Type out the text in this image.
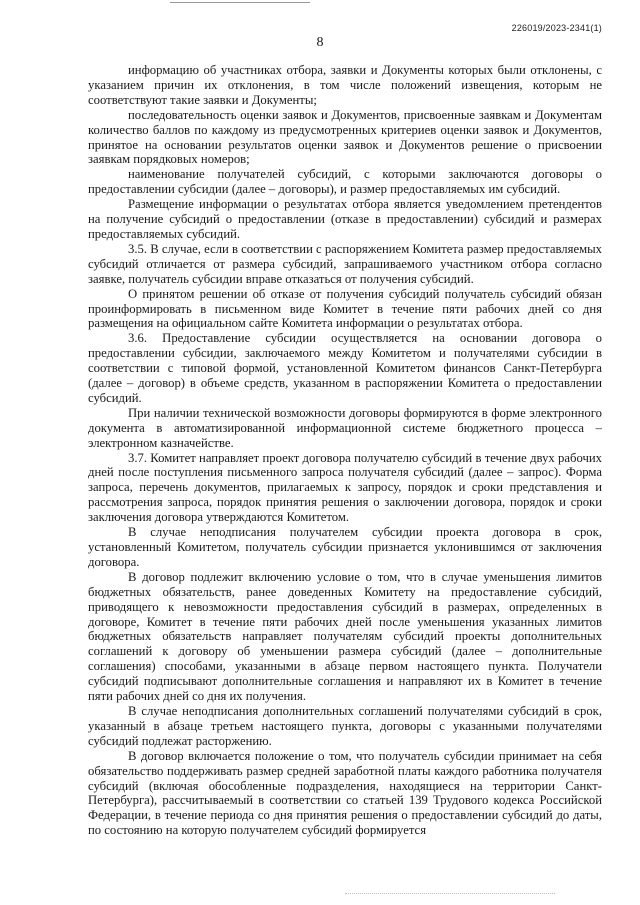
226019/2023-2341(1)
8

информацию об участниках отбора, заявки и Документы которых были отклонены, с указанием причин их отклонения, в том числе положений извещения, которым не соответствуют такие заявки и Документы;

последовательность оценки заявок и Документов, присвоенные заявкам и Документам количество баллов по каждому из предусмотренных критериев оценки заявок и Документов, принятое на основании результатов оценки заявок и Документов решение о присвоении заявкам порядковых номеров;

наименование получателей субсидий, с которыми заключаются договоры о предоставлении субсидии (далее – договоры), и размер предоставляемых им субсидий.

Размещение информации о результатах отбора является уведомлением претендентов на получение субсидий о предоставлении (отказе в предоставлении) субсидий и размерах предоставляемых субсидий.

3.5. В случае, если в соответствии с распоряжением Комитета размер предоставляемых субсидий отличается от размера субсидий, запрашиваемого участником отбора согласно заявке, получатель субсидии вправе отказаться от получения субсидий.

О принятом решении об отказе от получения субсидий получатель субсидий обязан проинформировать в письменном виде Комитет в течение пяти рабочих дней со дня размещения на официальном сайте Комитета информации о результатах отбора.

3.6. Предоставление субсидии осуществляется на основании договора о предоставлении субсидии, заключаемого между Комитетом и получателями субсидии в соответствии с типовой формой, установленной Комитетом финансов Санкт-Петербурга (далее – договор) в объеме средств, указанном в распоряжении Комитета о предоставлении субсидий.

При наличии технической возможности договоры формируются в форме электронного документа в автоматизированной информационной системе бюджетного процесса – электронном казначействе.

3.7. Комитет направляет проект договора получателю субсидий в течение двух рабочих дней после поступления письменного запроса получателя субсидий (далее – запрос). Форма запроса, перечень документов, прилагаемых к запросу, порядок и сроки представления и рассмотрения запроса, порядок принятия решения о заключении договора, порядок и сроки заключения договора утверждаются Комитетом.

В случае неподписания получателем субсидии проекта договора в срок, установленный Комитетом, получатель субсидии признается уклонившимся от заключения договора.

В договор подлежит включению условие о том, что в случае уменьшения лимитов бюджетных обязательств, ранее доведенных Комитету на предоставление субсидий, приводящего к невозможности предоставления субсидий в размерах, определенных в договоре, Комитет в течение пяти рабочих дней после уменьшения указанных лимитов бюджетных обязательств направляет получателям субсидий проекты дополнительных соглашений к договору об уменьшении размера субсидий (далее – дополнительные соглашения) способами, указанными в абзаце первом настоящего пункта. Получатели субсидий подписывают дополнительные соглашения и направляют их в Комитет в течение пяти рабочих дней со дня их получения.

В случае неподписания дополнительных соглашений получателями субсидий в срок, указанный в абзаце третьем настоящего пункта, договоры с указанными получателями субсидий подлежат расторжению.

В договор включается положение о том, что получатель субсидии принимает на себя обязательство поддерживать размер средней заработной платы каждого работника получателя субсидий (включая обособленные подразделения, находящиеся на территории Санкт-Петербурга), рассчитываемый в соответствии со статьей 139 Трудового кодекса Российской Федерации, в течение периода со дня принятия решения о предоставлении субсидий до даты, по состоянию на которую получателем субсидий формируется
